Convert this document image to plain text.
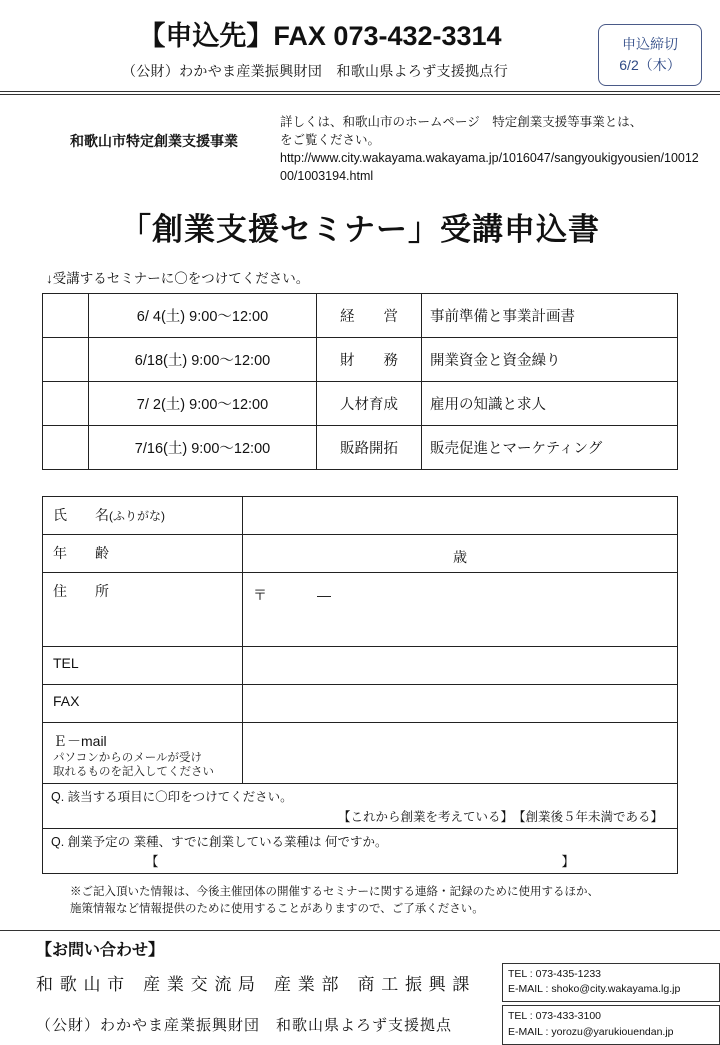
【申込先】FAX 073-432-3314
（公財）わかやま産業振興財団　和歌山県よろず支援拠点行
申込締切
6/2（木）
和歌山市特定創業支援事業
詳しくは、和歌山市のホームページ　特定創業支援等事業とは、
をご覧ください。
http://www.city.wakayama.wakayama.jp/1016047/sangyoukigyousien/1001200/1003194.html
「創業支援セミナー」受講申込書
↓受講するセミナーに〇をつけてください。
	6/ 4(土) 9:00〜12:00	経　　営	事前準備と事業計画書
	6/18(土) 9:00〜12:00	財　　務	開業資金と資金繰り
	7/ 2(土) 9:00〜12:00	人材育成	雇用の知識と求人
	7/16(土) 9:00〜12:00	販路開拓	販売促進とマーケティング
氏　　名(ふりがな)	
年　　齢	歳

住　　所	〒　　　―

TEL	
FAX	

Ｅ－mail
パソコンからのメールが受け
取れるものを記入してください	

Q. 該当する項目に〇印をつけてください。
【これから創業を考えている】　【創業後５年未満である】	

Q. 創業予定の 業種、すでに創業している業種は 何ですか。
【　　　　　　　　　　　　　　　　　　　　　　　　　　　　　　　】	
※ご記入頂いた情報は、今後主催団体の開催するセミナーに関する連絡・記録のために使用するほか、
施策情報など情報提供のために使用することがありますので、ご了承ください。
【お問い合わせ】
和 歌 山 市　産 業 交 流 局　産 業 部　商 工 振 興 課
TEL : 073-435-1233
E-MAIL : shoko@city.wakayama.lg.jp
（公財）わかやま産業振興財団　和歌山県よろず支援拠点
TEL : 073-433-3100
E-MAIL : yorozu@yarukiouendan.jp
